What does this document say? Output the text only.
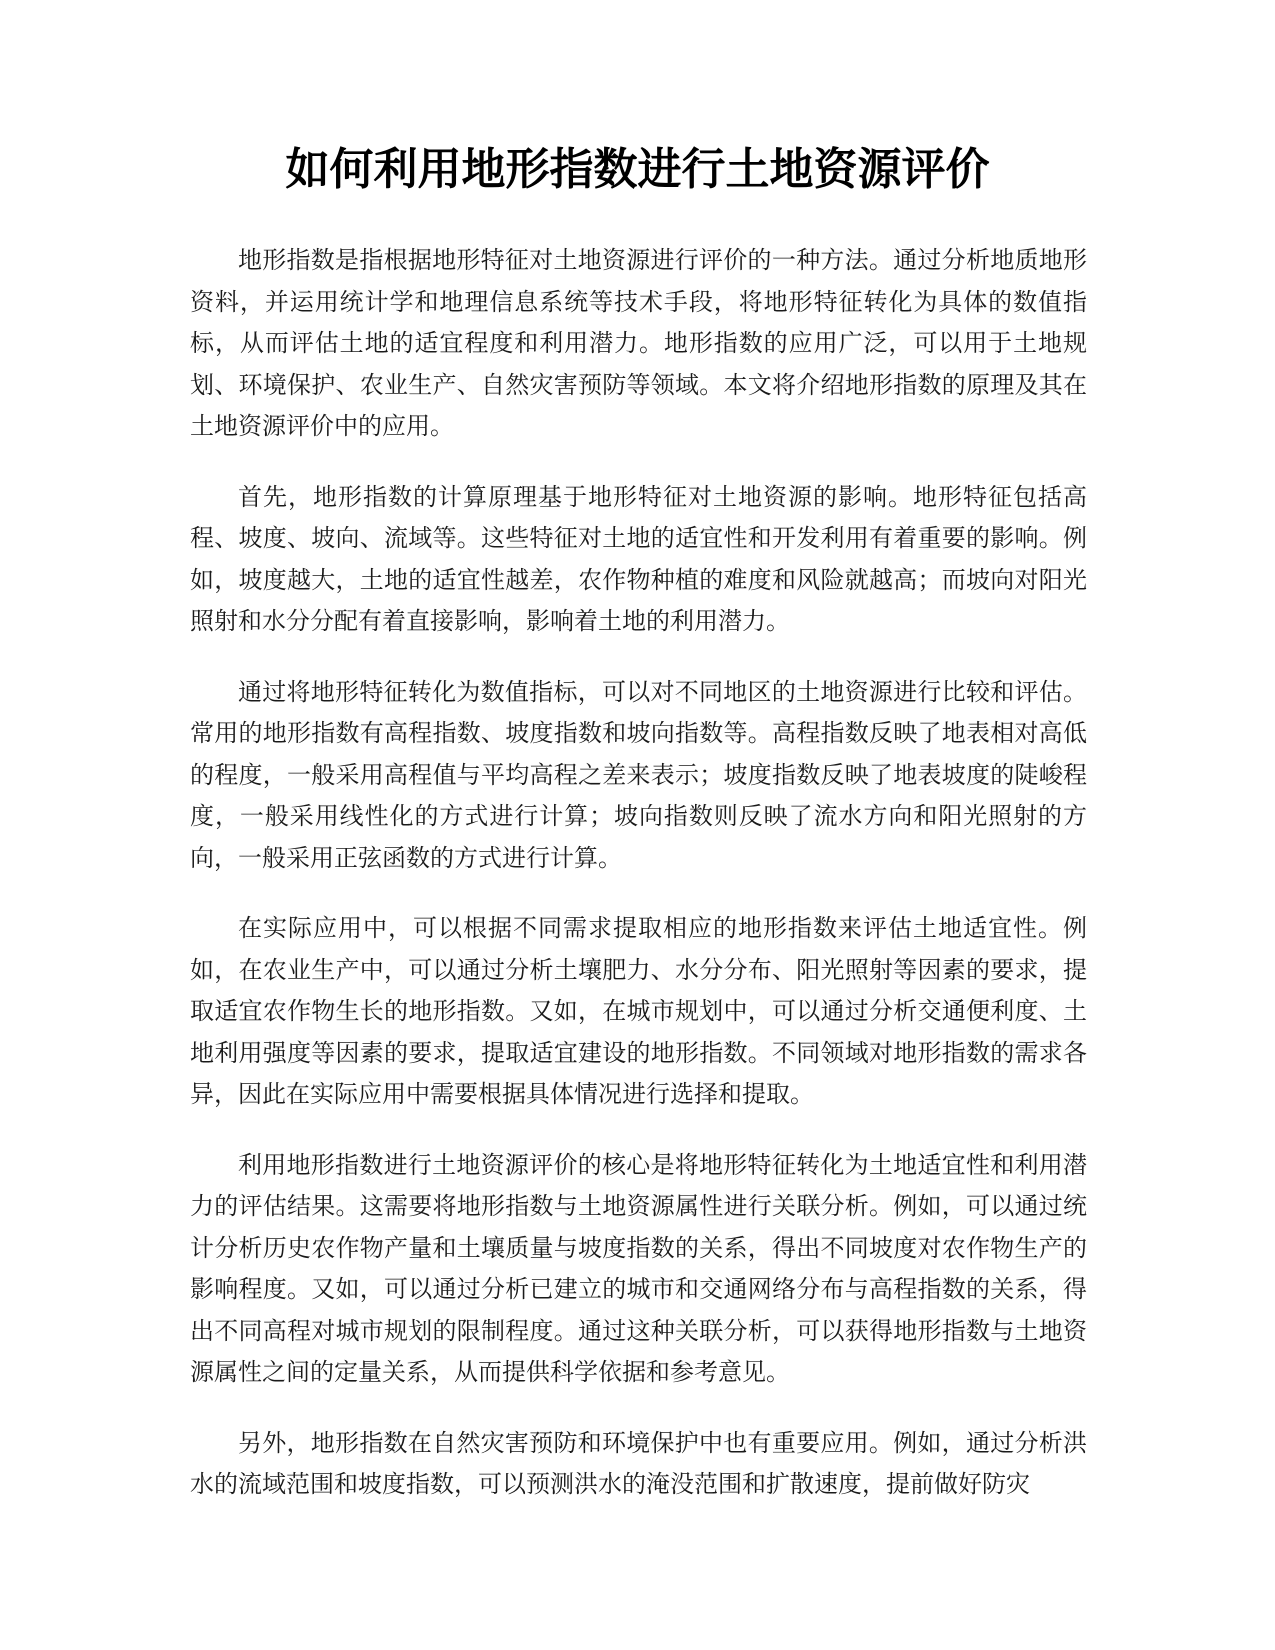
如何利用地形指数进行土地资源评价

地形指数是指根据地形特征对土地资源进行评价的一种方法。通过分析地质地形资料，并运用统计学和地理信息系统等技术手段，将地形特征转化为具体的数值指标，从而评估土地的适宜程度和利用潜力。地形指数的应用广泛，可以用于土地规划、环境保护、农业生产、自然灾害预防等领域。本文将介绍地形指数的原理及其在土地资源评价中的应用。

首先，地形指数的计算原理基于地形特征对土地资源的影响。地形特征包括高程、坡度、坡向、流域等。这些特征对土地的适宜性和开发利用有着重要的影响。例如，坡度越大，土地的适宜性越差，农作物种植的难度和风险就越高；而坡向对阳光照射和水分分配有着直接影响，影响着土地的利用潜力。

通过将地形特征转化为数值指标，可以对不同地区的土地资源进行比较和评估。常用的地形指数有高程指数、坡度指数和坡向指数等。高程指数反映了地表相对高低的程度，一般采用高程值与平均高程之差来表示；坡度指数反映了地表坡度的陡峻程度，一般采用线性化的方式进行计算；坡向指数则反映了流水方向和阳光照射的方向，一般采用正弦函数的方式进行计算。

在实际应用中，可以根据不同需求提取相应的地形指数来评估土地适宜性。例如，在农业生产中，可以通过分析土壤肥力、水分分布、阳光照射等因素的要求，提取适宜农作物生长的地形指数。又如，在城市规划中，可以通过分析交通便利度、土地利用强度等因素的要求，提取适宜建设的地形指数。不同领域对地形指数的需求各异，因此在实际应用中需要根据具体情况进行选择和提取。

利用地形指数进行土地资源评价的核心是将地形特征转化为土地适宜性和利用潜力的评估结果。这需要将地形指数与土地资源属性进行关联分析。例如，可以通过统计分析历史农作物产量和土壤质量与坡度指数的关系，得出不同坡度对农作物生产的影响程度。又如，可以通过分析已建立的城市和交通网络分布与高程指数的关系，得出不同高程对城市规划的限制程度。通过这种关联分析，可以获得地形指数与土地资源属性之间的定量关系，从而提供科学依据和参考意见。

另外，地形指数在自然灾害预防和环境保护中也有重要应用。例如，通过分析洪水的流域范围和坡度指数，可以预测洪水的淹没范围和扩散速度，提前做好防灾
